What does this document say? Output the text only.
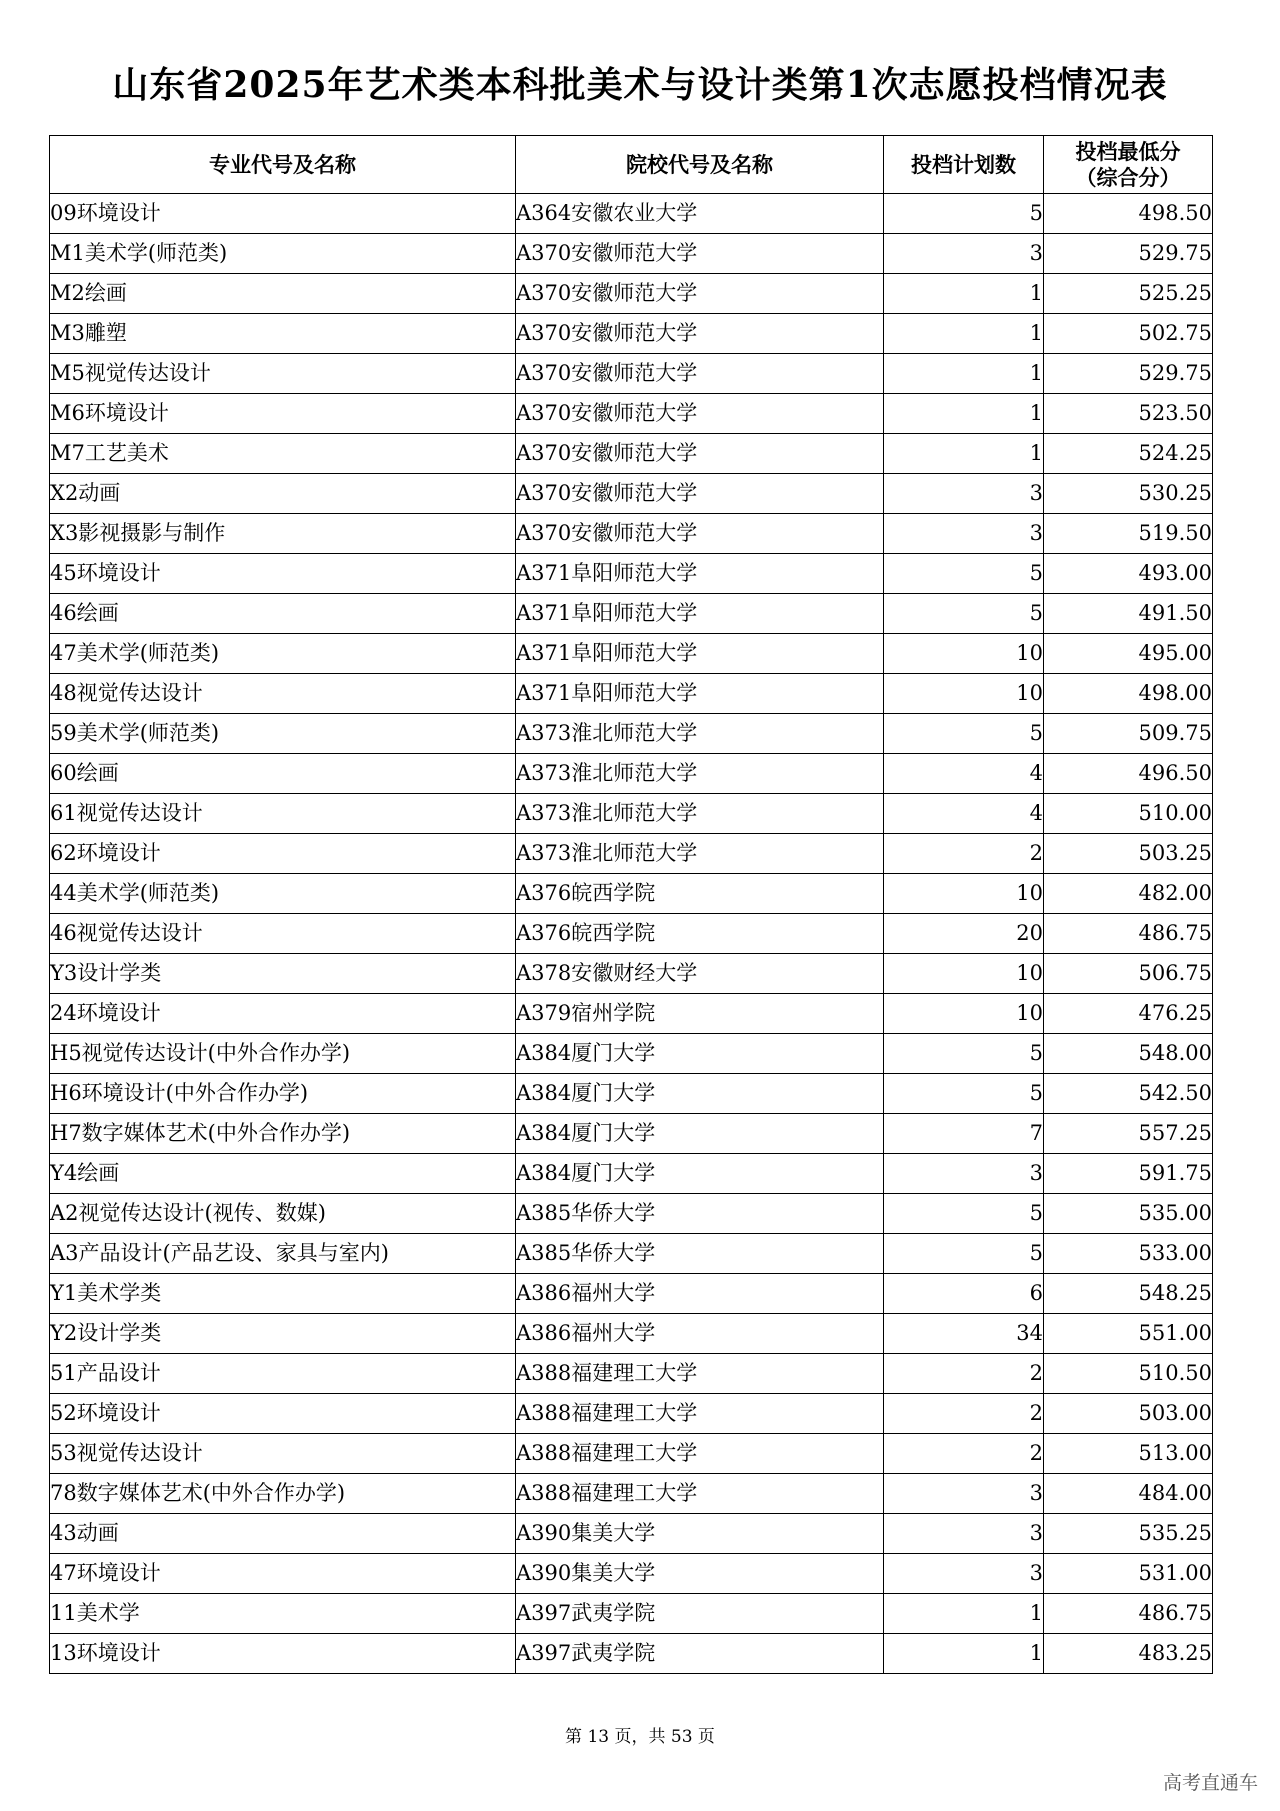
山东省2025年艺术类本科批美术与设计类第1次志愿投档情况表
专业代号及名称	院校代号及名称	投档计划数	投档最低分
（综合分）

09环境设计	A364安徽农业大学	5	498.50
M1美术学(师范类)	A370安徽师范大学	3	529.75
M2绘画	A370安徽师范大学	1	525.25
M3雕塑	A370安徽师范大学	1	502.75
M5视觉传达设计	A370安徽师范大学	1	529.75
M6环境设计	A370安徽师范大学	1	523.50
M7工艺美术	A370安徽师范大学	1	524.25
X2动画	A370安徽师范大学	3	530.25
X3影视摄影与制作	A370安徽师范大学	3	519.50
45环境设计	A371阜阳师范大学	5	493.00
46绘画	A371阜阳师范大学	5	491.50
47美术学(师范类)	A371阜阳师范大学	10	495.00
48视觉传达设计	A371阜阳师范大学	10	498.00
59美术学(师范类)	A373淮北师范大学	5	509.75
60绘画	A373淮北师范大学	4	496.50
61视觉传达设计	A373淮北师范大学	4	510.00
62环境设计	A373淮北师范大学	2	503.25
44美术学(师范类)	A376皖西学院	10	482.00
46视觉传达设计	A376皖西学院	20	486.75
Y3设计学类	A378安徽财经大学	10	506.75
24环境设计	A379宿州学院	10	476.25
H5视觉传达设计(中外合作办学)	A384厦门大学	5	548.00
H6环境设计(中外合作办学)	A384厦门大学	5	542.50
H7数字媒体艺术(中外合作办学)	A384厦门大学	7	557.25
Y4绘画	A384厦门大学	3	591.75
A2视觉传达设计(视传、数媒)	A385华侨大学	5	535.00
A3产品设计(产品艺设、家具与室内)	A385华侨大学	5	533.00
Y1美术学类	A386福州大学	6	548.25
Y2设计学类	A386福州大学	34	551.00
51产品设计	A388福建理工大学	2	510.50
52环境设计	A388福建理工大学	2	503.00
53视觉传达设计	A388福建理工大学	2	513.00
78数字媒体艺术(中外合作办学)	A388福建理工大学	3	484.00
43动画	A390集美大学	3	535.25
47环境设计	A390集美大学	3	531.00
11美术学	A397武夷学院	1	486.75
13环境设计	A397武夷学院	1	483.25
第 13 页，共 53 页
高考直通车
